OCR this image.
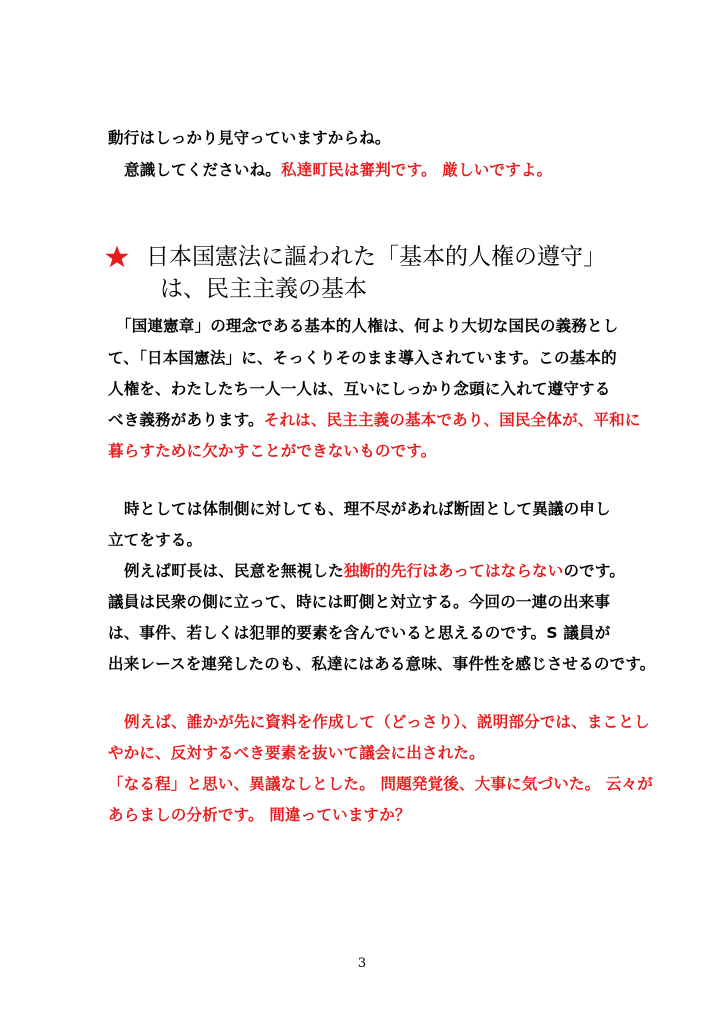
動行はしっかり見守っていますからね。
意識してくださいね。私達町民は審判です。 厳しいですよ。
日本国憲法に謳われた「基本的人権の遵守」
は、民主主義の基本
「国連憲章」の理念である基本的人権は、何より大切な国民の義務とし
て、「日本国憲法」に、そっくりそのまま導入されています。この基本的
人権を、わたしたち一人一人は、互いにしっかり念頭に入れて遵守する
べき義務があります。それは、民主主義の基本であり、国民全体が、平和に
暮らすために欠かすことができないものです。
時としては体制側に対しても、理不尽があれば断固として異議の申し
立てをする。
例えば町長は、民意を無視した独断的先行はあってはならないのです。
議員は民衆の側に立って、時には町側と対立する。今回の一連の出来事
は、事件、若しくは犯罪的要素を含んでいると思えるのです。S 議員が
出来レースを連発したのも、私達にはある意味、事件性を感じさせるのです。
例えば、誰かが先に資料を作成して（どっさり）、説明部分では、まことし
やかに、反対するべき要素を抜いて議会に出された。
「なる程」と思い、異議なしとした。 問題発覚後、大事に気づいた。 云々が
あらましの分析です。 間違っていますか？
3
